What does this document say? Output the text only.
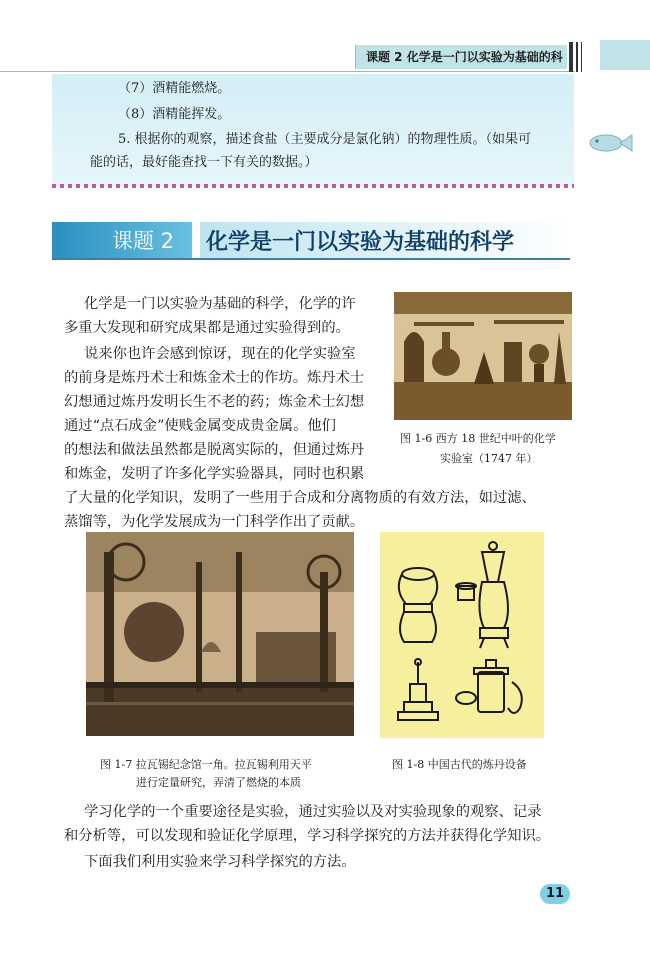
课题 2 化学是一门以实验为基础的科
（7）酒精能燃烧。
（8）酒精能挥发。
5. 根据你的观察，描述食盐（主要成分是氯化钠）的物理性质。（如果可
能的话，最好能查找一下有关的数据。）
课题 2 化学是一门以实验为基础的科学
化学是一门以实验为基础的科学，化学的许
多重大发现和研究成果都是通过实验得到的。
说来你也许会感到惊讶，现在的化学实验室
的前身是炼丹术士和炼金术士的作坊。炼丹术士
幻想通过炼丹发明长生不老的药；炼金术士幻想
通过“点石成金”使贱金属变成贵金属。他们
的想法和做法虽然都是脱离实际的，但通过炼丹
和炼金，发明了许多化学实验器具，同时也积累
了大量的化学知识，发明了一些用于合成和分离物质的有效方法，如过滤、
蒸馏等，为化学发展成为一门科学作出了贡献。
图 1-6 西方 18 世纪中叶的化学
实验室（1747 年）
图 1-7 拉瓦锡纪念馆一角。拉瓦锡利用天平
进行定量研究，弄清了燃烧的本质
图 1-8 中国古代的炼丹设备
学习化学的一个重要途径是实验，通过实验以及对实验现象的观察、记录
和分析等，可以发现和验证化学原理，学习科学探究的方法并获得化学知识。
下面我们利用实验来学习科学探究的方法。
11
